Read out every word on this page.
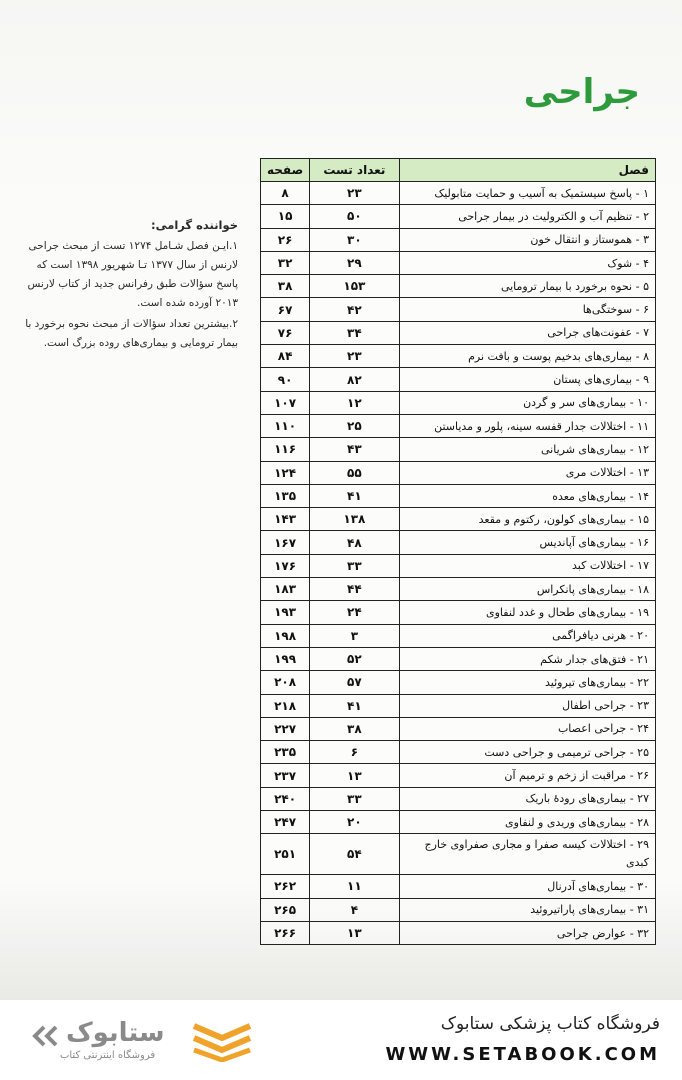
جراحی
خواننده گرامی:

۱.ایـن فصل شـامل ۱۲۷۴ تست از مبحث جراحی لارنس از سال ۱۳۷۷ تـا شهریور ۱۳۹۸ است که پاسخ سؤالات طبق رفرانس جدید از کتاب لارنس ۲۰۱۳ آورده شده است.

۲.بیشترین تعداد سؤالات از مبحث نحوه برخورد با بیمار ترومایی و بیماری‌های روده بزرگ است.

فصل	تعداد تست	صفحه
۱ - پاسخ سیستمیک به آسیب و حمایت متابولیک	۲۳	۸
۲ - تنظیم آب و الکترولیت در بیمار جراحی	۵۰	۱۵
۳ - هموستاز و انتقال خون	۳۰	۲۶
۴ - شوک	۲۹	۳۲
۵ - نحوه برخورد با بیمار ترومایی	۱۵۳	۳۸
۶ - سوختگی‌ها	۴۲	۶۷
۷ - عفونت‌های جراحی	۳۴	۷۶
۸ - بیماری‌های بدخیم پوست و بافت نرم	۲۳	۸۴
۹ - بیماری‌های پستان	۸۲	۹۰
۱۰ - بیماری‌های سر و گردن	۱۲	۱۰۷
۱۱ - اختلالات جدار قفسه سینه، پلور و مدیاستن	۲۵	۱۱۰
۱۲ - بیماری‌های شریانی	۴۳	۱۱۶
۱۳ - اختلالات مری	۵۵	۱۲۴
۱۴ - بیماری‌های معده	۴۱	۱۳۵
۱۵ - بیماری‌های کولون، رکتوم و مقعد	۱۳۸	۱۴۳
۱۶ - بیماری‌های آپاندیس	۴۸	۱۶۷
۱۷ - اختلالات کبد	۳۳	۱۷۶
۱۸ - بیماری‌های پانکراس	۴۴	۱۸۳
۱۹ - بیماری‌های طحال و غدد لنفاوی	۲۴	۱۹۳
۲۰ - هرنی دیافراگمی	۳	۱۹۸
۲۱ - فتق‌های جدار شکم	۵۲	۱۹۹
۲۲ - بیماری‌های تیروئید	۵۷	۲۰۸
۲۳ - جراحی اطفال	۴۱	۲۱۸
۲۴ - جراحی اعصاب	۳۸	۲۲۷
۲۵ - جراحی ترمیمی و جراحی دست	۶	۲۳۵
۲۶ - مراقبت از زخم و ترمیم آن	۱۳	۲۳۷
۲۷ - بیماری‌های رودهٔ باریک	۳۳	۲۴۰
۲۸ - بیماری‌های وریدی و لنفاوی	۲۰	۲۴۷
۲۹ - اختلالات کیسه صفرا و مجاری صفراوی خارج کبدی	۵۴	۲۵۱
۳۰ - بیماری‌های آدرنال	۱۱	۲۶۲
۳۱ - بیماری‌های پاراتیروئید	۴	۲۶۵
۳۲ - عوارض جراحی	۱۳	۲۶۶
ستابوک
فروشگاه اینترنتی کتاب
فروشگاه کتاب پزشکی ستابوک
WWW.SETABOOK.COM
